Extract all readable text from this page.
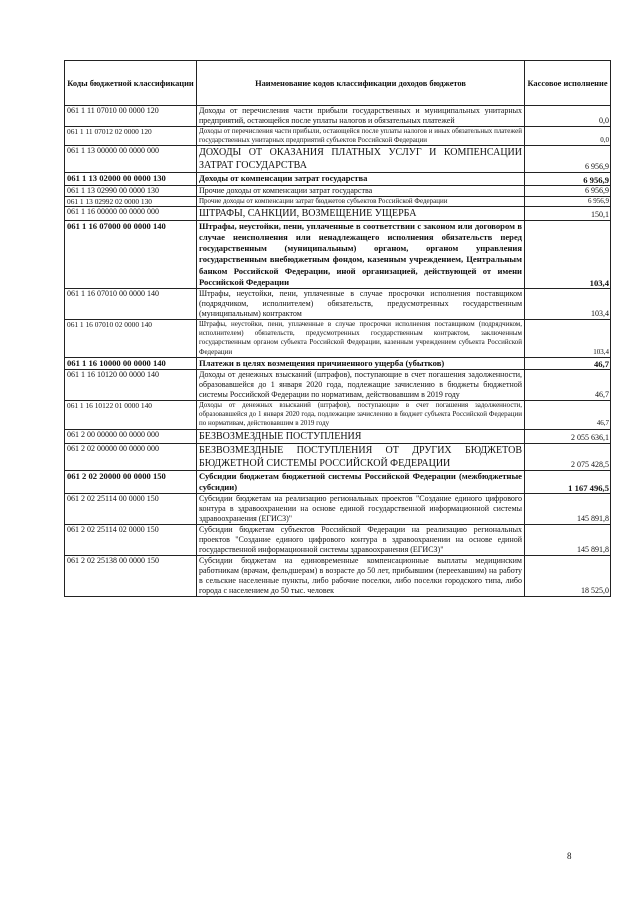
Коды бюджетной классификации	Наименование кодов классификации доходов бюджетов	Кассовое исполнение
061 1 11 07010 00 0000 120	Доходы от перечисления части прибыли государственных и муниципальных унитарных предприятий, остающейся после уплаты налогов и обязательных платежей	0,0
061 1 11 07012 02 0000 120	Доходы от перечисления части прибыли, остающейся после уплаты налогов и иных обязательных платежей государственных унитарных предприятий субъектов Российской Федерации	0,0
061 1 13 00000 00 0000 000	ДОХОДЫ ОТ ОКАЗАНИЯ ПЛАТНЫХ УСЛУГ И КОМПЕНСАЦИИ ЗАТРАТ ГОСУДАРСТВА	6 956,9
061 1 13 02000 00 0000 130	Доходы от компенсации затрат государства	6 956,9
061 1 13 02990 00 0000 130	Прочие доходы от компенсации затрат государства	6 956,9
061 1 13 02992 02 0000 130	Прочие доходы от компенсации затрат бюджетов субъектов Российской Федерации	6 956,9
061 1 16 00000 00 0000 000	ШТРАФЫ, САНКЦИИ, ВОЗМЕЩЕНИЕ УЩЕРБА	150,1
061 1 16 07000 00 0000 140	Штрафы, неустойки, пени, уплаченные в соответствии с законом или договором в случае неисполнения или ненадлежащего исполнения обязательств перед государственным (муниципальным) органом, органом управления государственным внебюджетным фондом, казенным учреждением, Центральным банком Российской Федерации, иной организацией, действующей от имени Российской Федерации	103,4
061 1 16 07010 00 0000 140	Штрафы, неустойки, пени, уплаченные в случае просрочки исполнения поставщиком (подрядчиком, исполнителем) обязательств, предусмотренных государственным (муниципальным) контрактом	103,4
061 1 16 07010 02 0000 140	Штрафы, неустойки, пени, уплаченные в случае просрочки исполнения поставщиком (подрядчиком, исполнителем) обязательств, предусмотренных государственным контрактом, заключенным государственным органом субъекта Российской Федерации, казенным учреждением субъекта Российской Федерации	103,4
061 1 16 10000 00 0000 140	Платежи в целях возмещения причиненного ущерба (убытков)	46,7
061 1 16 10120 00 0000 140	Доходы от денежных взысканий (штрафов), поступающие в счет погашения задолженности, образовавшейся до 1 января 2020 года, подлежащие зачислению в бюджеты бюджетной системы Российской Федерации по нормативам, действовавшим в 2019 году	46,7
061 1 16 10122 01 0000 140	Доходы от денежных взысканий (штрафов), поступающие в счет погашения задолженности, образовавшейся до 1 января 2020 года, подлежащие зачислению в бюджет субъекта Российской Федерации по нормативам, действовавшим в 2019 году	46,7
061 2 00 00000 00 0000 000	БЕЗВОЗМЕЗДНЫЕ ПОСТУПЛЕНИЯ	2 055 636,1
061 2 02 00000 00 0000 000	БЕЗВОЗМЕЗДНЫЕ ПОСТУПЛЕНИЯ ОТ ДРУГИХ БЮДЖЕТОВ БЮДЖЕТНОЙ СИСТЕМЫ РОССИЙСКОЙ ФЕДЕРАЦИИ	2 075 428,5
061 2 02 20000 00 0000 150	Субсидии бюджетам бюджетной системы Российской Федерации (межбюджетные субсидии)	1 167 496,5
061 2 02 25114 00 0000 150	Субсидии бюджетам на реализацию региональных проектов "Создание единого цифрового контура в здравоохранении на основе единой государственной информационной системы здравоохранения (ЕГИСЗ)"	145 891,8
061 2 02 25114 02 0000 150	Субсидии бюджетам субъектов Российской Федерации на реализацию региональных проектов "Создание единого цифрового контура в здравоохранении на основе единой государственной информационной системы здравоохранения (ЕГИСЗ)"	145 891,8
061 2 02 25138 00 0000 150	Субсидии бюджетам на единовременные компенсационные выплаты медицинским работникам (врачам, фельдшерам) в возрасте до 50 лет, прибывшим (переехавшим) на работу в сельские населенные пункты, либо рабочие поселки, либо поселки городского типа, либо города с населением до 50 тыс. человек	18 525,0
8
